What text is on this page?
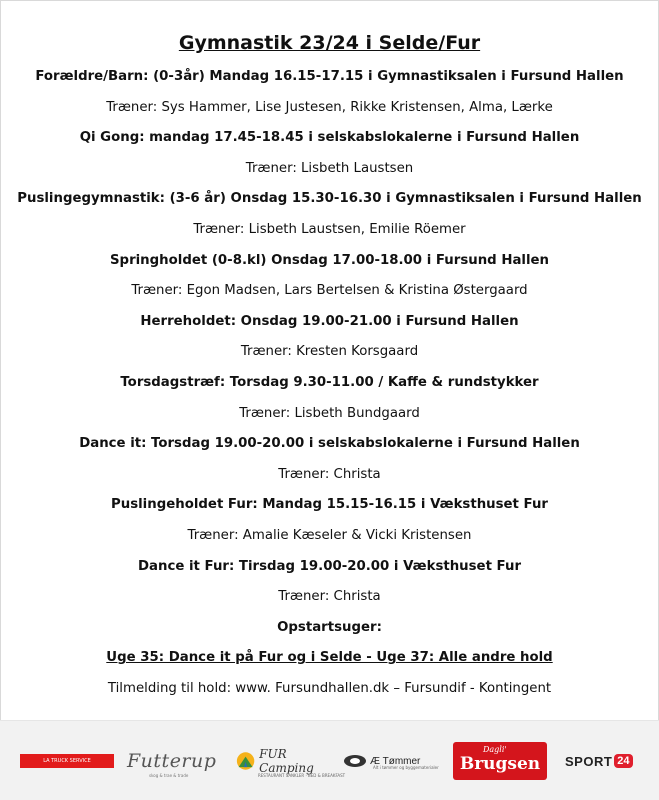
Gymnastik 23/24 i Selde/Fur
Forældre/Barn: (0-3år) Mandag 16.15-17.15 i Gymnastiksalen i Fursund Hallen
Træner: Sys Hammer, Lise Justesen, Rikke Kristensen, Alma, Lærke
Qi Gong: mandag 17.45-18.45 i selskabslokalerne i Fursund Hallen
Træner: Lisbeth Laustsen
Puslingegymnastik: (3-6 år) Onsdag 15.30-16.30 i Gymnastiksalen i Fursund Hallen
Træner: Lisbeth Laustsen, Emilie Röemer
Springholdet (0-8.kl) Onsdag 17.00-18.00 i Fursund Hallen
Træner: Egon Madsen, Lars Bertelsen & Kristina Østergaard
Herreholdet: Onsdag 19.00-21.00 i Fursund Hallen
Træner: Kresten Korsgaard
Torsdagstræf: Torsdag 9.30-11.00 / Kaffe & rundstykker
Træner: Lisbeth Bundgaard
Dance it: Torsdag 19.00-20.00 i selskabslokalerne i Fursund Hallen
Træner: Christa
Puslingeholdet Fur: Mandag 15.15-16.15 i Væksthuset Fur
Træner: Amalie Kæseler & Vicki Kristensen
Dance it Fur: Tirsdag 19.00-20.00 i Væksthuset Fur
Træner: Christa
Opstartsuger:
Uge 35: Dance it på Fur og i Selde - Uge 37: Alle andre hold
Tilmelding til hold: www. Fursundhallen.dk – Fursundif - Kontingent
LA TRUCK SERVICE	Futterup
skog & trae & trade
FUR Camping
RESTAURANT SANKLER · BED & BREAKFAST
Æ Tømmer
Alt i tømmer og byggematerialer
Dagli'
Brugsen	SPORT 24
